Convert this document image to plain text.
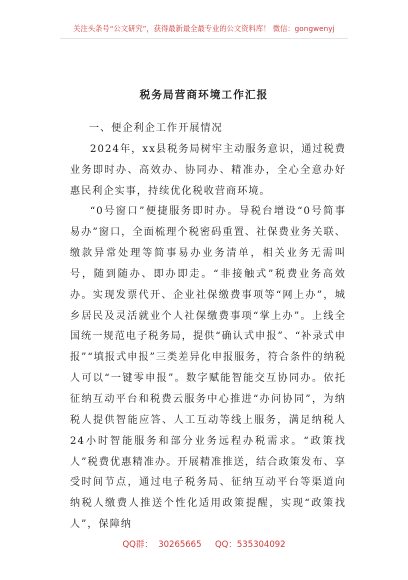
关注头条号“公文研究”，获得最新最全最专业的公文资料库！ 微信：gongwenyj
税务局营商环境工作汇报

一、便企利企工作开展情况

2024年，xx县税务局树牢主动服务意识，通过税费业务即时办、高效办、协同办、精准办，全心全意办好惠民利企实事，持续优化税收营商环境。

“0号窗口”便捷服务即时办。导税台增设“0号简事易办”窗口，全面梳理个税密码重置、社保费业务关联、缴款异常处理等简事易办业务清单，相关业务无需叫号，随到随办、即办即走。“非接触式”税费业务高效办。实现发票代开、企业社保缴费事项等“网上办”，城乡居民及灵活就业个人社保缴费事项“掌上办”。上线全国统一规范电子税务局，提供“确认式申报”、“补录式申报”“填报式申报”三类差异化申报服务，符合条件的纳税人可以“一键零申报”。数字赋能智能交互协同办。依托征纳互动平台和税费云服务中心推进“办问协同”，为纳税人提供智能应答、人工互动等线上服务，满足纳税人24小时智能服务和部分业务远程办税需求。“政策找人”税费优惠精准办。开展精准推送，结合政策发布、享受时间节点，通过电子税务局、征纳互动平台等渠道向纳税人缴费人推送个性化适用政策提醒，实现“政策找人”，保障纳

QQ群：  30265665     QQ：535304092
